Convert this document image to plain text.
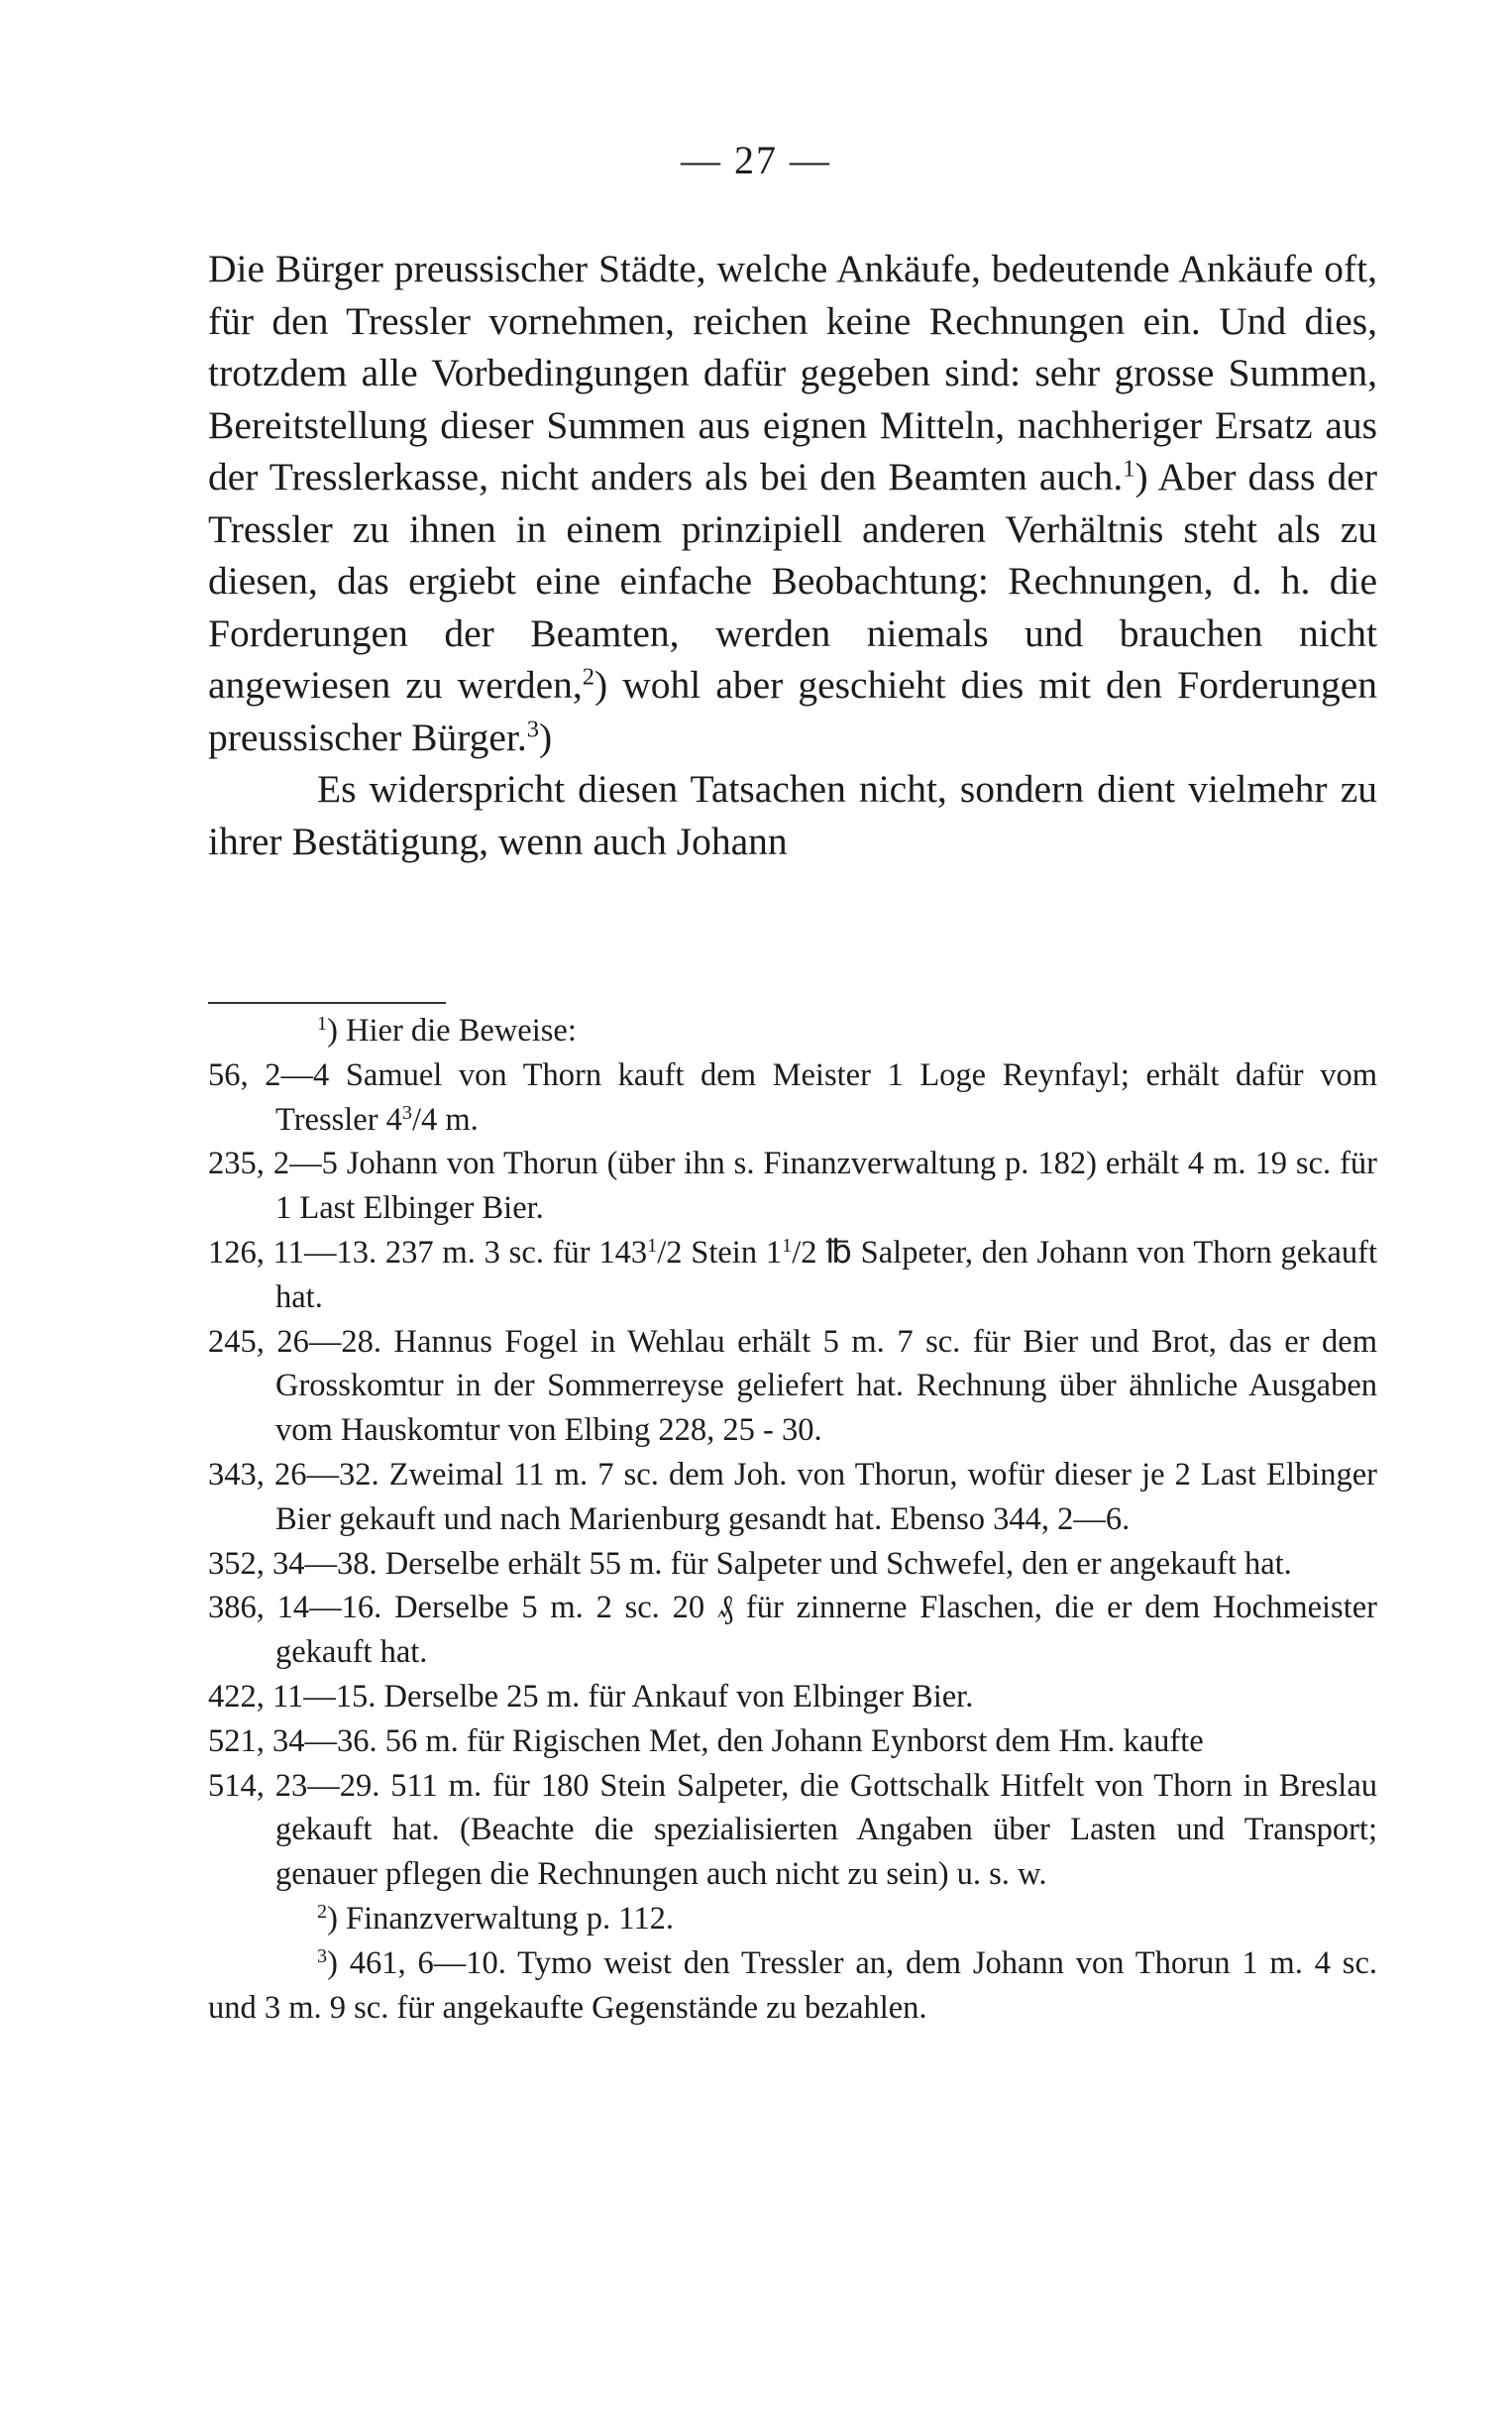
— 27 —

Die Bürger preussischer Städte, welche Ankäufe, bedeutende Ankäufe oft, für den Tressler vornehmen, reichen keine Rechnungen ein. Und dies, trotzdem alle Vorbedingungen dafür gegeben sind: sehr grosse Summen, Bereitstellung dieser Summen aus eignen Mitteln, nachheriger Ersatz aus der Tresslerkasse, nicht anders als bei den Beamten auch.$^1$) Aber dass der Tressler zu ihnen in einem prinzipiell anderen Verhältnis steht als zu diesen, das ergiebt eine einfache Beobachtung: Rechnungen, d. h. die Forderungen der Beamten, werden niemals und brauchen nicht angewiesen zu werden,$^2$) wohl aber geschieht dies mit den Forderungen preussischer Bürger.$^3$)

Es widerspricht diesen Tatsachen nicht, sondern dient vielmehr zu ihrer Bestätigung, wenn auch Johann

$^1$) Hier die Beweise:
56, 2—4 Samuel von Thorn kauft dem Meister 1 Loge Reynfayl; erhält dafür vom Tressler $4^3/4$ m.
235, 2—5 Johann von Thorun (über ihn s. Finanzverwaltung p. 182) erhält 4 m. 19 sc. für 1 Last Elbinger Bier.
126, 11—13. 237 m. 3 sc. für $143^1/2$ Stein $1^1/2$ ℔ Salpeter, den Johann von Thorn gekauft hat.
245, 26—28. Hannus Fogel in Wehlau erhält 5 m. 7 sc. für Bier und Brot, das er dem Grosskomtur in der Sommerreyse geliefert hat. Rechnung über ähnliche Ausgaben vom Hauskomtur von Elbing 228, 25 - 30.
343, 26—32. Zweimal 11 m. 7 sc. dem Joh. von Thorun, wofür dieser je 2 Last Elbinger Bier gekauft und nach Marienburg gesandt hat. Ebenso 344, 2—6.
352, 34—38. Derselbe erhält 55 m. für Salpeter und Schwefel, den er angekauft hat.
386, 14—16. Derselbe 5 m. 2 sc. 20 ₰ für zinnerne Flaschen, die er dem Hochmeister gekauft hat.
422, 11—15. Derselbe 25 m. für Ankauf von Elbinger Bier.
521, 34—36. 56 m. für Rigischen Met, den Johann Eynborst dem Hm. kaufte
514, 23—29. 511 m. für 180 Stein Salpeter, die Gottschalk Hitfelt von Thorn in Breslau gekauft hat. (Beachte die spezialisierten Angaben über Lasten und Transport; genauer pflegen die Rechnungen auch nicht zu sein) u. s. w.
$^2$) Finanzverwaltung p. 112.
$^3$) 461, 6—10. Tymo weist den Tressler an, dem Johann von Thorun 1 m. 4 sc. und 3 m. 9 sc. für angekaufte Gegenstände zu bezahlen.
